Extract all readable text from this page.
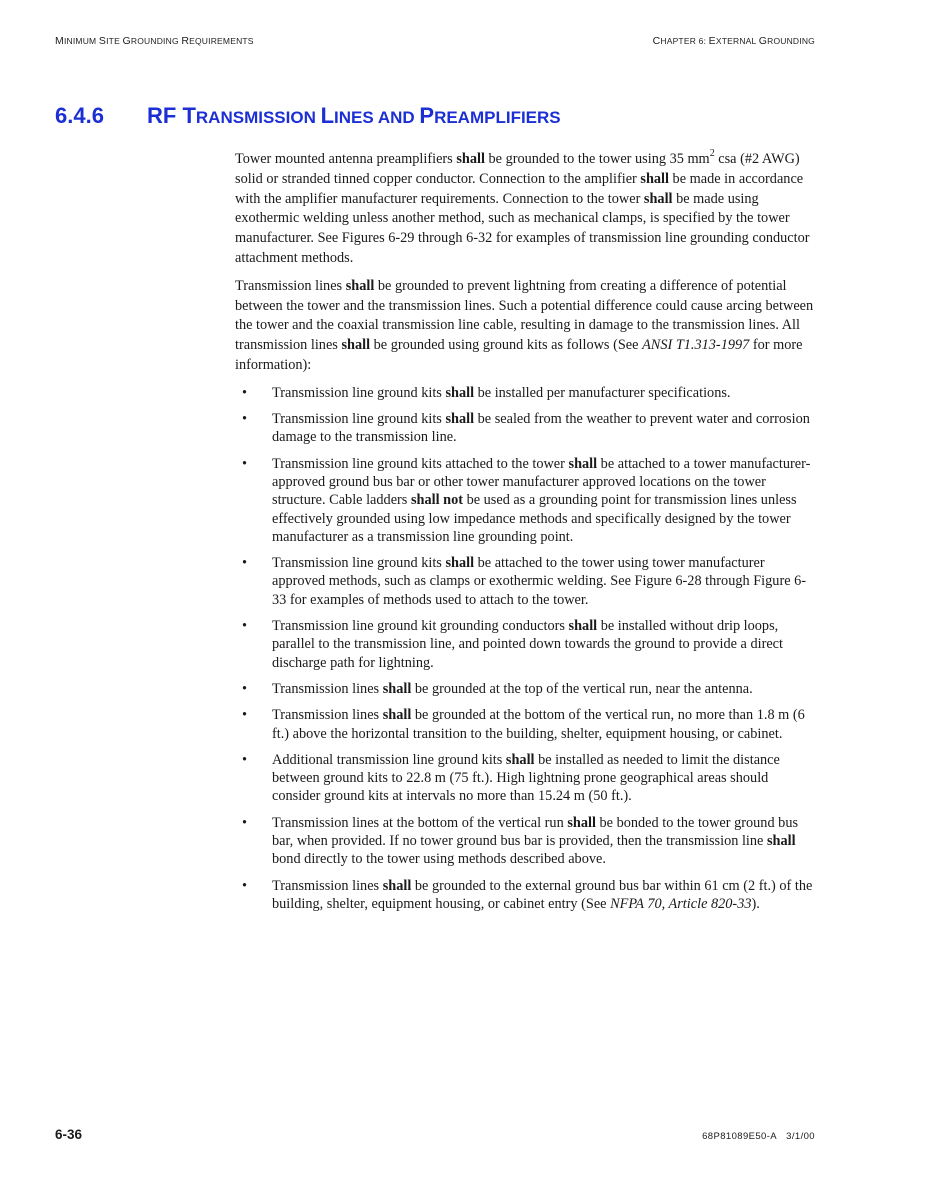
MINIMUM SITE GROUNDING REQUIREMENTS	CHAPTER 6: EXTERNAL GROUNDING
6.4.6 RF TRANSMISSION LINES AND PREAMPLIFIERS

Tower mounted antenna preamplifiers shall be grounded to the tower using 35 $mm^2$ csa (#2 AWG) solid or stranded tinned copper conductor. Connection to the amplifier shall be made in accordance with the amplifier manufacturer requirements. Connection to the tower shall be made using exothermic welding unless another method, such as mechanical clamps, is specified by the tower manufacturer. See Figures 6-29 through 6-32 for examples of transmission line grounding conductor attachment methods.

Transmission lines shall be grounded to prevent lightning from creating a difference of potential between the tower and the transmission lines. Such a potential difference could cause arcing between the tower and the coaxial transmission line cable, resulting in damage to the transmission lines. All transmission lines shall be grounded using ground kits as follows (See ANSI T1.313-1997 for more information):

• Transmission line ground kits shall be installed per manufacturer specifications.
• Transmission line ground kits shall be sealed from the weather to prevent water and corrosion damage to the transmission line.
• Transmission line ground kits attached to the tower shall be attached to a tower manufacturer-approved ground bus bar or other tower manufacturer approved locations on the tower structure. Cable ladders shall not be used as a grounding point for transmission lines unless effectively grounded using low impedance methods and specifically designed by the tower manufacturer as a transmission line grounding point.
• Transmission line ground kits shall be attached to the tower using tower manufacturer approved methods, such as clamps or exothermic welding. See Figure 6-28 through Figure 6-33 for examples of methods used to attach to the tower.
• Transmission line ground kit grounding conductors shall be installed without drip loops, parallel to the transmission line, and pointed down towards the ground to provide a direct discharge path for lightning.
• Transmission lines shall be grounded at the top of the vertical run, near the antenna.
• Transmission lines shall be grounded at the bottom of the vertical run, no more than 1.8 m (6 ft.) above the horizontal transition to the building, shelter, equipment housing, or cabinet.
• Additional transmission line ground kits shall be installed as needed to limit the distance between ground kits to 22.8 m (75 ft.). High lightning prone geographical areas should consider ground kits at intervals no more than 15.24 m (50 ft.).
• Transmission lines at the bottom of the vertical run shall be bonded to the tower ground bus bar, when provided. If no tower ground bus bar is provided, then the transmission line shall bond directly to the tower using methods described above.
• Transmission lines shall be grounded to the external ground bus bar within 61 cm (2 ft.) of the building, shelter, equipment housing, or cabinet entry (See NFPA 70, Article 820-33).
6-36	68P81089E50-A 3/1/00
